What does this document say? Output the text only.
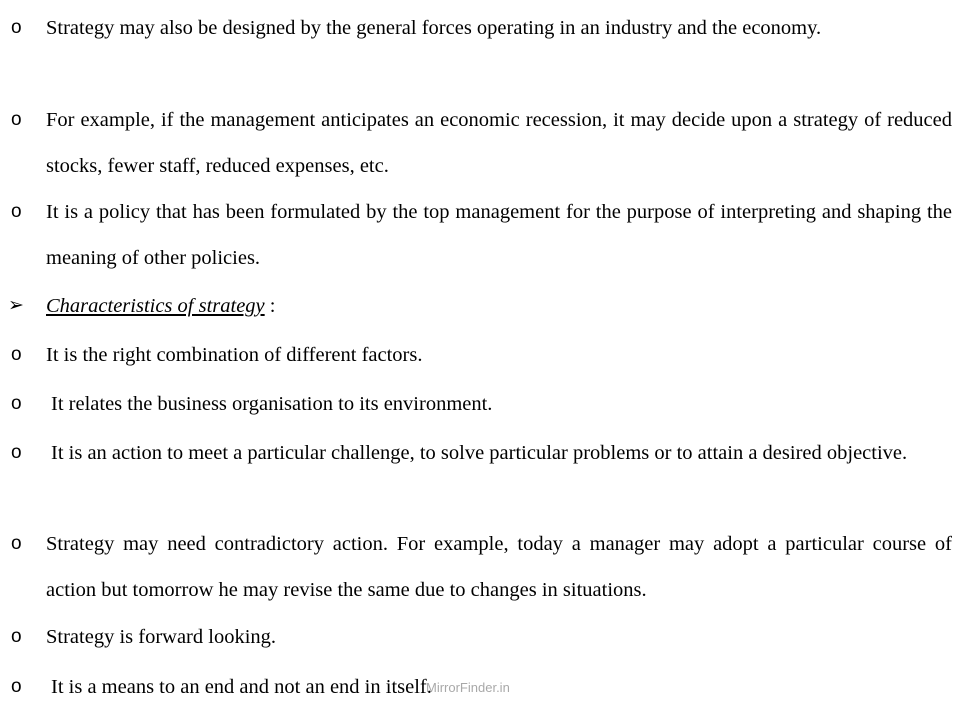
o	Strategy may also be designed by the general forces operating in an industry and the economy.
o	For example, if the management anticipates an economic recession, it may decide upon a strategy of reduced stocks, fewer staff, reduced expenses, etc.
o	It is a policy that has been formulated by the top management for the purpose of interpreting and shaping the meaning of other policies.
➢ Characteristics of strategy :
o	It is the right combination of different factors.
o	It relates the business organisation to its environment.
o	It is an action to meet a particular challenge, to solve particular problems or to attain a desired objective.
o	Strategy may need contradictory action. For example, today a manager may adopt a particular course of action but tomorrow he may revise the same due to changes in situations.
o	Strategy is forward looking.
o	It is a means to an end and not an end in itself.
MirrorFinder.in
